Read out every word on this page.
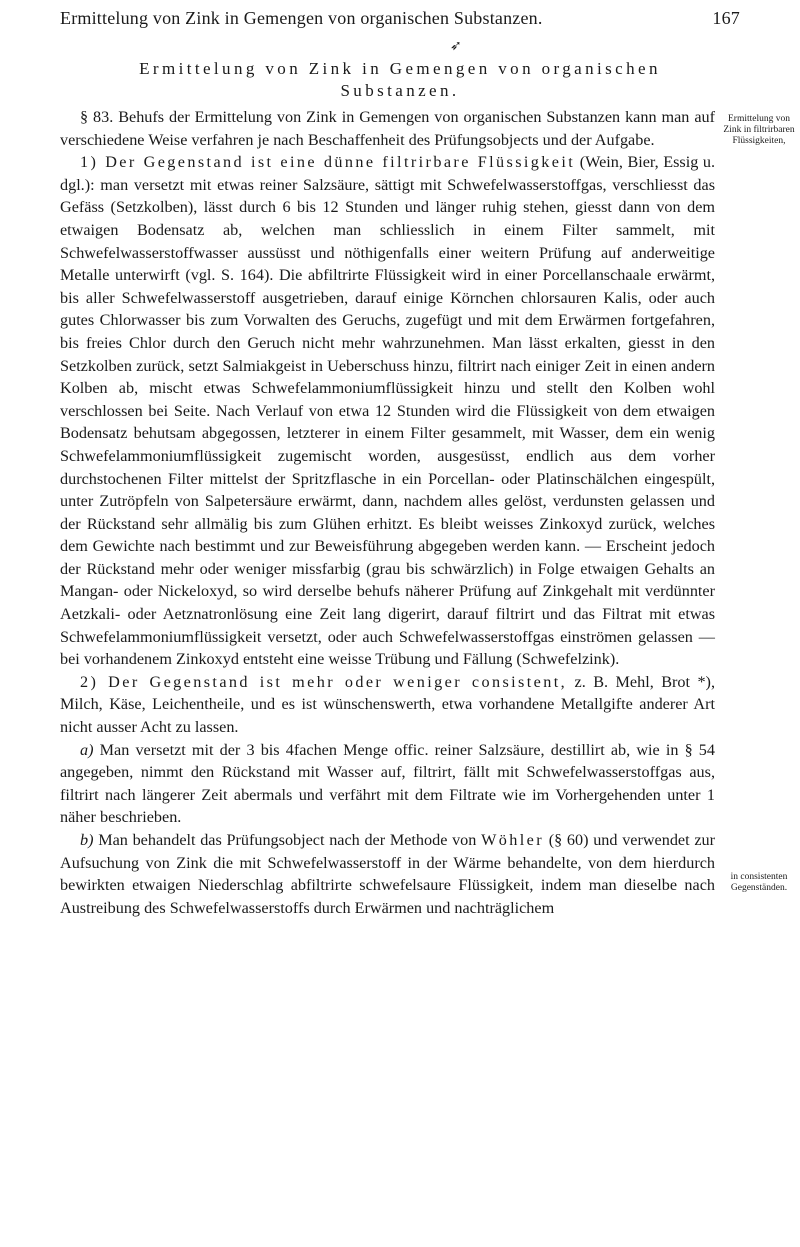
Ermittelung von Zink in Gemengen von organischen Substanzen.	167
➶
Ermittelung von Zink in Gemengen von organischen
Substanzen.

§ 83. Behufs der Ermittelung von Zink in Gemengen von organischen Substanzen kann man auf verschiedene Weise verfahren je nach Beschaffenheit des Prüfungsobjects und der Aufgabe.

1) Der Gegenstand ist eine dünne filtrirbare Flüssigkeit (Wein, Bier, Essig u. dgl.): man versetzt mit etwas reiner Salzsäure, sättigt mit Schwefelwasserstoffgas, verschliesst das Gefäss (Setzkolben), lässt durch 6 bis 12 Stunden und länger ruhig stehen, giesst dann von dem etwaigen Bodensatz ab, welchen man schliesslich in einem Filter sammelt, mit Schwefelwasserstoffwasser aussüsst und nöthigenfalls einer weitern Prüfung auf anderweitige Metalle unterwirft (vgl. S. 164). Die abfiltrirte Flüssigkeit wird in einer Porcellanschaale erwärmt, bis aller Schwefelwasserstoff ausgetrieben, darauf einige Körnchen chlorsauren Kalis, oder auch gutes Chlorwasser bis zum Vorwalten des Geruchs, zugefügt und mit dem Erwärmen fortgefahren, bis freies Chlor durch den Geruch nicht mehr wahrzunehmen. Man lässt erkalten, giesst in den Setzkolben zurück, setzt Salmiakgeist in Ueberschuss hinzu, filtrirt nach einiger Zeit in einen andern Kolben ab, mischt etwas Schwefelammoniumflüssigkeit hinzu und stellt den Kolben wohl verschlossen bei Seite. Nach Verlauf von etwa 12 Stunden wird die Flüssigkeit von dem etwaigen Bodensatz behutsam abgegossen, letzterer in einem Filter gesammelt, mit Wasser, dem ein wenig Schwefelammoniumflüssigkeit zugemischt worden, ausgesüsst, endlich aus dem vorher durchstochenen Filter mittelst der Spritzflasche in ein Porcellan- oder Platinschälchen eingespült, unter Zutröpfeln von Salpetersäure erwärmt, dann, nachdem alles gelöst, verdunsten gelassen und der Rückstand sehr allmälig bis zum Glühen erhitzt. Es bleibt weisses Zinkoxyd zurück, welches dem Gewichte nach bestimmt und zur Beweisführung abgegeben werden kann. — Erscheint jedoch der Rückstand mehr oder weniger missfarbig (grau bis schwärzlich) in Folge etwaigen Gehalts an Mangan- oder Nickeloxyd, so wird derselbe behufs näherer Prüfung auf Zinkgehalt mit verdünnter Aetzkali- oder Aetznatronlösung eine Zeit lang digerirt, darauf filtrirt und das Filtrat mit etwas Schwefelammoniumflüssigkeit versetzt, oder auch Schwefelwasserstoffgas einströmen gelassen — bei vorhandenem Zinkoxyd entsteht eine weisse Trübung und Fällung (Schwefelzink).

2) Der Gegenstand ist mehr oder weniger consistent, z. B. Mehl, Brot *), Milch, Käse, Leichentheile, und es ist wünschenswerth, etwa vorhandene Metallgifte anderer Art nicht ausser Acht zu lassen.

a) Man versetzt mit der 3 bis 4fachen Menge offic. reiner Salzsäure, destillirt ab, wie in § 54 angegeben, nimmt den Rückstand mit Wasser auf, filtrirt, fällt mit Schwefelwasserstoffgas aus, filtrirt nach längerer Zeit abermals und verfährt mit dem Filtrate wie im Vorhergehenden unter 1 näher beschrieben.

b) Man behandelt das Prüfungsobject nach der Methode von Wöhler (§ 60) und verwendet zur Aufsuchung von Zink die mit Schwefelwasserstoff in der Wärme behandelte, von dem hierdurch bewirkten etwaigen Niederschlag abfiltrirte schwefelsaure Flüssigkeit, indem man dieselbe nach Austreibung des Schwefelwasserstoffs durch Erwärmen und nachträglichem

Ermittelung von Zink in filtrirbaren Flüssigkeiten,
in consistenten Gegenständen.
